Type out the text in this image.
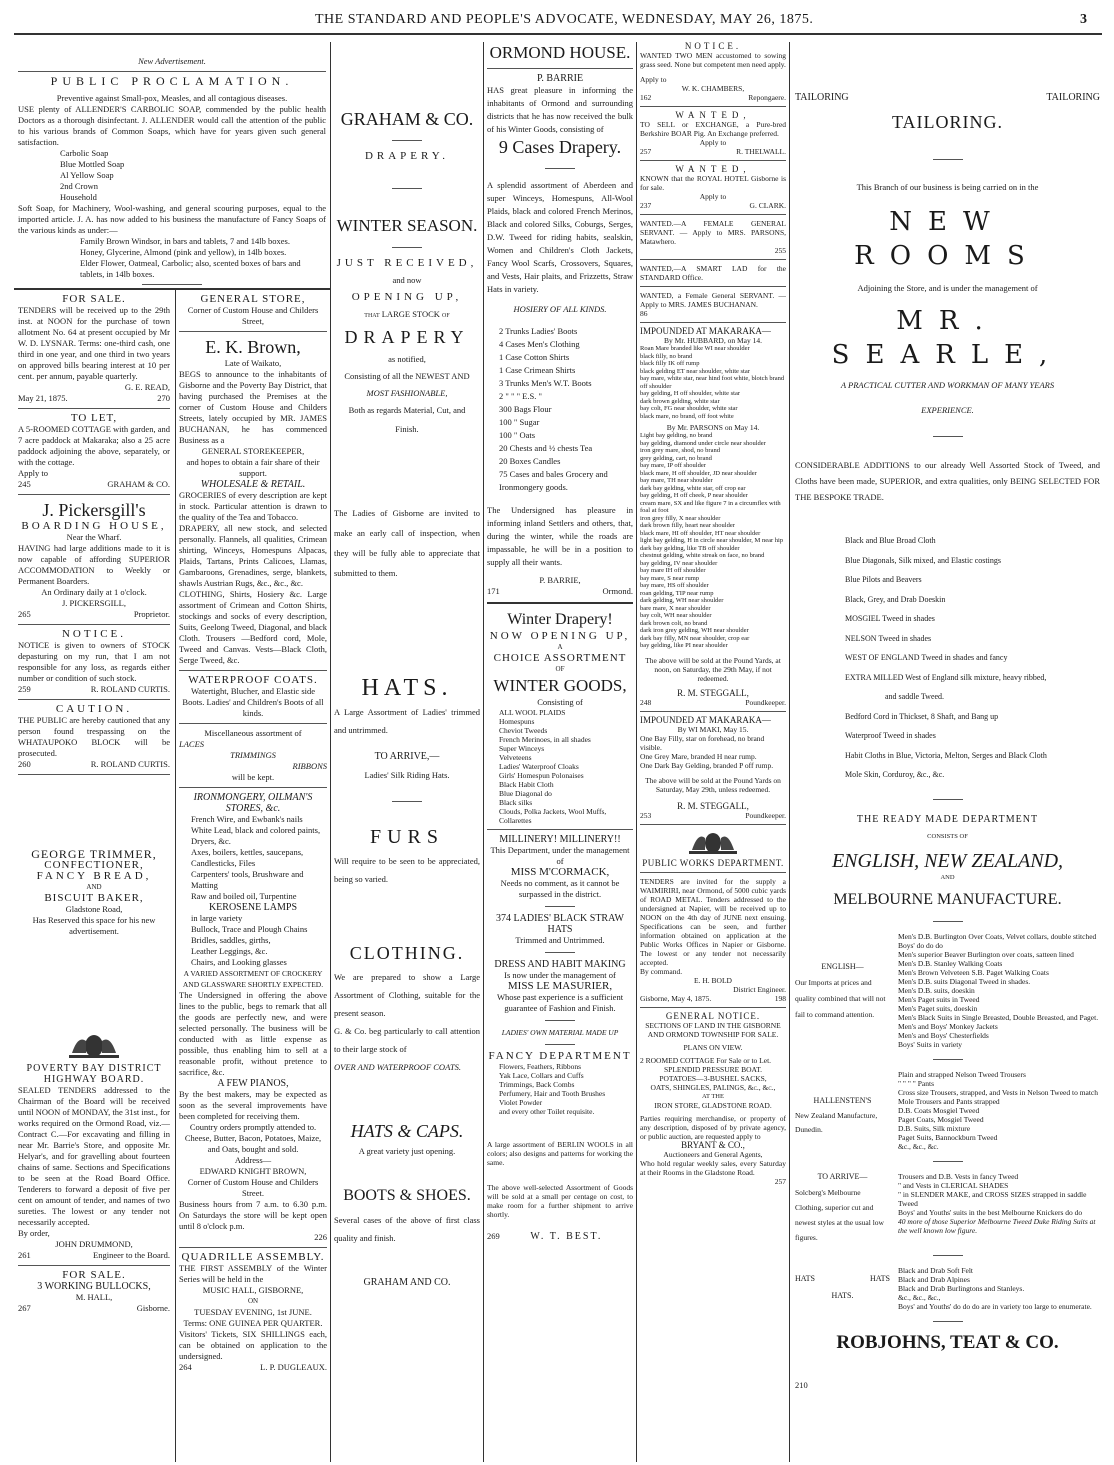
THE STANDARD AND PEOPLE'S ADVOCATE, WEDNESDAY, MAY 26, 1875.	3

New Advertisement.

PUBLIC PROCLAMATION.

Preventive against Small-pox, Measles, and all contagious diseases.

USE plenty of ALLENDER'S CARBOLIC SOAP, commended by the public health Doctors as a thorough disinfectant. J. ALLENDER would call the attention of the public to his various brands of Common Soaps, which have for years given such general satisfaction.

Carbolic Soap

Blue Mottled Soap

Al Yellow Soap

2nd Crown

Household

Soft Soap, for Machinery, Wool-washing, and general scouring purposes, equal to the imported article. J. A. has now added to his business the manufacture of Fancy Soaps of the various kinds as under:—

Family Brown Windsor, in bars and tablets, 7 and 14lb boxes.

Honey, Glycerine, Almond (pink and yellow), in 14lb boxes.

Elder Flower, Oatmeal, Carbolic; also, scented boxes of bars and tablets, in 14lb boxes.

FOR SALE.

TENDERS will be received up to the 29th inst. at NOON for the purchase of town allotment No. 64 at present occupied by Mr W. D. LYSNAR. Terms: one-third cash, one third in one year, and one third in two years on approved bills bearing interest at 10 per cent. per annum, payable quarterly.

G. E. READ,

May 21, 1875.	270

TO LET,

A 5-ROOMED COTTAGE with garden, and 7 acre paddock at Makaraka; also a 25 acre paddock adjoining the above, separately, or with the cottage.

Apply to

245	GRAHAM & CO.

J. Pickersgill's

BOARDING HOUSE,

Near the Wharf.

HAVING had large additions made to it is now capable of affording SUPERIOR ACCOMMODATION to Weekly or Permanent Boarders.

An Ordinary daily at 1 o'clock.

J. PICKERSGILL,

265	Proprietor.

NOTICE.

NOTICE is given to owners of STOCK depasturing on my run, that I am not responsible for any loss, as regards either number or condition of such stock.

259	R. ROLAND CURTIS.

CAUTION.

THE PUBLIC are hereby cautioned that any person found trespassing on the WHATAUPOKO BLOCK will be prosecuted.

260	R. ROLAND CURTIS.

GEORGE TRIMMER,

CONFECTIONER,

FANCY BREAD,

AND

BISCUIT BAKER,

Gladstone Road,

Has Reserved this space for his new advertisement.

POVERTY BAY DISTRICT HIGHWAY BOARD.

SEALED TENDERS addressed to the Chairman of the Board will be received until NOON of MONDAY, the 31st inst., for works required on the Ormond Road, viz.— Contract C.—For excavating and filling in near Mr. Barrie's Store, and opposite Mr. Helyar's, and for gravelling about fourteen chains of same. Sections and Specifications to be seen at the Road Board Office. Tenderers to forward a deposit of five per cent on amount of tender, and names of two sureties. The lowest or any tender not necessarily accepted.

By order,

JOHN DRUMMOND,

261	Engineer to the Board.

FOR SALE.

3 WORKING BULLOCKS,

M. HALL,

267	Gisborne.

GENERAL STORE,

Corner of Custom House and Childers Street,

E. K. Brown,

Late of Waikato,

BEGS to announce to the inhabitants of Gisborne and the Poverty Bay District, that having purchased the Premises at the corner of Custom House and Childers Streets, lately occupied by MR. JAMES BUCHANAN, he has commenced Business as a

GENERAL STOREKEEPER,

and hopes to obtain a fair share of their support.

WHOLESALE & RETAIL.

GROCERIES of every description are kept in stock. Particular attention is drawn to the quality of the Tea and Tobacco.

DRAPERY, all new stock, and selected personally. Flannels, all qualities, Crimean shirting, Winceys, Homespuns Alpacas, Plaids, Tartans, Prints Calicoes, Llamas, Gambaroons, Grenadines, serge, blankets, shawls Austrian Rugs, &c., &c., &c.

CLOTHING, Shirts, Hosiery &c. Large assortment of Crimean and Cotton Shirts, stockings and socks of every description, Suits, Geelong Tweed, Diagonal, and black Cloth. Trousers —Bedford cord, Mole, Tweed and Canvas. Vests—Black Cloth, Serge Tweed, &c.

WATERPROOF COATS.

Watertight, Blucher, and Elastic side Boots. Ladies' and Children's Boots of all kinds.

Miscellaneous assortment of

LACES

TRIMMINGS

RIBBONS

will be kept.

IRONMONGERY, OILMAN'S STORES, &c.

French Wire, and Ewbank's nails

White Lead, black and colored paints, Dryers, &c.

Axes, boilers, kettles, saucepans,

Candlesticks, Files

Carpenters' tools, Brushware and Matting

Raw and boiled oil, Turpentine

KEROSENE LAMPS

in large variety

Bullock, Trace and Plough Chains

Bridles, saddles, girths,

Leather Leggings, &c.

Chairs, and Looking glasses

A VARIED ASSORTMENT OF CROCKERY AND GLASSWARE SHORTLY EXPECTED.

The Undersigned in offering the above lines to the public, begs to remark that all the goods are perfectly new, and were selected personally. The business will be conducted with as little expense as possible, thus enabling him to sell at a reasonable profit, without pretence to sacrifice, &c.

A FEW PIANOS,

By the best makers, may be expected as soon as the several improvements have been completed for receiving them.

Country orders promptly attended to.

Cheese, Butter, Bacon, Potatoes, Maize, and Oats, bought and sold.

Address—

EDWARD KNIGHT BROWN,

Corner of Custom House and Childers Street.

Business hours from 7 a.m. to 6.30 p.m. On Saturdays the store will be kept open until 8 o'clock p.m.

226

QUADRILLE ASSEMBLY.

THE FIRST ASSEMBLY of the Winter Series will be held in the

MUSIC HALL, GISBORNE,

ON

TUESDAY EVENING, 1st JUNE.

Terms: ONE GUINEA PER QUARTER.

Visitors' Tickets, SIX SHILLINGS each, can be obtained on application to the undersigned.

264	L. P. DUGLEAUX.

GRAHAM & CO.

DRAPERY.

WINTER SEASON.

JUST RECEIVED,

and now

OPENING UP,

that LARGE STOCK of

DRAPERY

as notified,

Consisting of all the NEWEST AND

MOST FASHIONABLE,

Both as regards Material, Cut, and

Finish.

The Ladies of Gisborne are invited to make an early call of inspection, when they will be fully able to appreciate that submitted to them.

HATS.

A Large Assortment of Ladies' trimmed and untrimmed.

TO ARRIVE,—

Ladies' Silk Riding Hats.

FURS

Will require to be seen to be appreciated, being so varied.

CLOTHING.

We are prepared to show a Large Assortment of Clothing, suitable for the present season.

G. & Co. beg particularly to call attention to their large stock of

OVER AND WATERPROOF COATS.

HATS & CAPS.

A great variety just opening.

BOOTS & SHOES.

Several cases of the above of first class quality and finish.

GRAHAM AND CO.

ORMOND HOUSE.

P. BARRIE

HAS great pleasure in informing the inhabitants of Ormond and surrounding districts that he has now received the bulk of his Winter Goods, consisting of

9 Cases Drapery.

A splendid assortment of Aberdeen and super Winceys, Homespuns, All-Wool Plaids, black and colored French Merinos, Black and colored Silks, Coburgs, Serges, D.W. Tweed for riding habits, sealskin, Women and Children's Cloth Jackets, Fancy Wool Scarfs, Crossovers, Squares, and Vests, Hair plaits, and Frizzetts, Straw Hats in variety.

HOSIERY OF ALL KINDS.

2 Trunks Ladies' Boots

4 Cases Men's Clothing

1 Case Cotton Shirts

1 Case Crimean Shirts

3 Trunks Men's W.T. Boots

2 " " " E.S. "

300 Bags Flour

100 " Sugar

100 " Oats

20 Chests and ½ chests Tea

20 Boxes Candles

75 Cases and bales Grocery and Ironmongery goods.

The Undersigned has pleasure in informing inland Settlers and others, that, during the winter, while the roads are impassable, he will be in a position to supply all their wants.

P. BARRIE,

171	Ormond.

Winter Drapery!

NOW OPENING UP,

A

CHOICE ASSORTMENT

OF

WINTER GOODS,

Consisting of

ALL WOOL PLAIDS

Homespuns

Cheviot Tweeds

French Merinoes, in all shades

Super Winceys

Velveteens

Ladies' Waterproof Cloaks

Girls' Homespun Polonaises

Black Habit Cloth

Blue Diagonal do

Black silks

Clouds, Polka Jackets, Wool Muffs, Collarettes

MILLINERY! MILLINERY!!

This Department, under the management of

MISS M'CORMACK,

Needs no comment, as it cannot be surpassed in the district.

374 LADIES' BLACK STRAW HATS

Trimmed and Untrimmed.

DRESS AND HABIT MAKING

Is now under the management of

MISS LE MASURIER,

Whose past experience is a sufficient guarantee of Fashion and Finish.

LADIES' OWN MATERIAL MADE UP

FANCY DEPARTMENT

Flowers, Feathers, Ribbons

Yak Lace, Collars and Cuffs

Trimmings, Back Combs

Perfumery, Hair and Tooth Brushes

Violet Powder

and every other Toilet requisite.

A large assortment of BERLIN WOOLS in all colors; also designs and patterns for working the same.

The above well-selected Assortment of Goods will be sold at a small per centage on cost, to make room for a further shipment to arrive shortly.

269	W. T. BEST.

NOTICE.

WANTED TWO MEN accustomed to sowing grass seed. None but competent men need apply.

Apply to

W. K. CHAMBERS,

162	Repongaere.

WANTED,

TO SELL or EXCHANGE, a Pure-bred Berkshire BOAR Pig. An Exchange preferred.

Apply to

257	R. THELWALL.

WANTED,

KNOWN that the ROYAL HOTEL Gisborne is for sale.

Apply to

237	G. CLARK.

WANTED.—A FEMALE GENERAL SERVANT. — Apply to MRS. PARSONS, Matawhero.

255

WANTED,—A SMART LAD for the STANDARD Office.

WANTED, a Female General SERVANT. —Apply to MRS. JAMES BUCHANAN.

86

IMPOUNDED AT MAKARAKA—

By Mr. HUBBARD, on May 14.

Roan Mare branded like WI near shoulder

black filly, no brand

black filly IK off rump

black gelding ET near shoulder, white star

bay mare, white star, near hind foot white, blotch brand off shoulder

bay gelding, H off shoulder, white star

dark brown gelding, white star

bay colt, FG near shoulder, white star

black mare, no brand, off foot white

By Mr. PARSONS on May 14.

Light bay gelding, no brand

bay gelding, diamond under circle near shoulder

iron grey mare, shod, no brand

grey gelding, cart, no brand

bay mare, IP off shoulder

black mare, H off shoulder, JD near shoulder

bay mare, TH near shoulder

dark bay gelding, white star, off crop ear

bay gelding, H off cheek, P near shoulder

cream mare, SX and like figure 7 in a circumflex with foal at foot

iron grey filly, X near shoulder

dark brown filly, heart near shoulder

black mare, HI off shoulder, HT near shoulder

light bay gelding, H in circle near shoulder, M near hip

dark bay gelding, like TB off shoulder

chestnut gelding, white streak on face, no brand

bay gelding, IV near shoulder

bay mare IH off shoulder

bay mare, S near rump

bay mare, HS off shoulder

roan gelding, TIP near rump

dark gelding, WH near shoulder

bare mare, X near shoulder

bay colt, WH near shoulder

dark brown colt, no brand

dark iron grey gelding, WH near shoulder

dark bay filly, MN near shoulder, crop ear

bay gelding, like PI near shoulder

The above will be sold at the Pound Yards, at noon, on Saturday, the 29th May, if not redeemed.

R. M. STEGGALL,

248	Poundkeeper.

IMPOUNDED AT MAKARAKA—

By WI MAKI, May 15.

One Bay Filly, star on forehead, no brand visible.

One Grey Mare, branded H near rump.

One Dark Bay Gelding, branded P off rump.

The above will be sold at the Pound Yards on Saturday, May 29th, unless redeemed.

R. M. STEGGALL,

253	Poundkeeper.

PUBLIC WORKS DEPARTMENT.

TENDERS are invited for the supply a WAIMIRIRI, near Ormond, of 5000 cubic yards of ROAD METAL. Tenders addressed to the undersigned at Napier, will be received up to NOON on the 4th day of JUNE next ensuing. Specifications can be seen, and further information obtained on application at the Public Works Offices in Napier or Gisborne. The lowest or any tender not necessarily accepted.

By command.

E. H. BOLD

District Engineer.

Gisborne, May 4, 1875.	198

GENERAL NOTICE.

SECTIONS OF LAND IN THE GISBORNE AND ORMOND TOWNSHIP FOR SALE.

PLANS ON VIEW.

2 ROOMED COTTAGE For Sale or to Let.

SPLENDID PRESSURE BOAT.

POTATOES—3-BUSHEL SACKS,

OATS, SHINGLES, PALINGS, &c., &c.,

AT THE

IRON STORE, GLADSTONE ROAD.

Parties requiring merchandise, or property of any description, disposed of by private agency, or public auction, are requested apply to

BRYANT & CO.,

Auctioneers and General Agents,

Who hold regular weekly sales, every Saturday at their Rooms in the Gladstone Road.

257

TAILORING	TAILORING

TAILORING.

This Branch of our business is being carried on in the

NEW ROOMS

Adjoining the Store, and is under the management of

MR. SEARLE,

A PRACTICAL CUTTER AND WORKMAN OF MANY YEARS

EXPERIENCE.

CONSIDERABLE ADDITIONS to our already Well Assorted Stock of Tweed, and Cloths have been made, SUPERIOR, and extra qualities, only BEING SELECTED FOR THE BESPOKE TRADE.

Black and Blue Broad Cloth

Blue Diagonals, Silk mixed, and Elastic costings

Blue Pilots and Beavers

Black, Grey, and Drab Doeskin

MOSGIEL Tweed in shades

NELSON Tweed in shades

WEST OF ENGLAND Tweed in shades and fancy

EXTRA MILLED West of England silk mixture, heavy ribbed,

and saddle Tweed.

Bedford Cord in Thickset, 8 Shaft, and Bang up

Waterproof Tweed in shades

Habit Cloths in Blue, Victoria, Melton, Serges and Black Cloth

Mole Skin, Corduroy, &c., &c.

THE READY MADE DEPARTMENT

CONSISTS OF

ENGLISH, NEW ZEALAND,

AND

MELBOURNE MANUFACTURE.

ENGLISH—

Our Imports at prices and quality combined that will not fail to command attention.

Men's D.B. Burlington Over Coats, Velvet collars, double stitched

Boys' do do do

Men's superior Beaver Burlington over coats, satteen lined

Men's D.B. Stanley Walking Coats

Men's Brown Velveteen S.B. Paget Walking Coats

Men's D.B. suits Diagonal Tweed in shades.

Men's D.B. suits, doeskin

Men's Paget suits in Tweed

Men's Paget suits, doeskin

Men's Black Suits in Single Breasted, Double Breasted, and Paget.

Men's and Boys' Monkey Jackets

Men's and Boys' Chesterfields

Boys' Suits in variety

HALLENSTEN'S

New Zealand Manufacture, Dunedin.

Plain and strapped Nelson Tweed Trousers

" " " " Pants

Cross size Trousers, strapped, and Vests in Nelson Tweed to match

Mole Trousers and Pants strapped

D.B. Coats Mosgiel Tweed

Paget Coats, Mosgiel Tweed

D.B. Suits, Silk mixture

Paget Suits, Bannockburn Tweed

&c., &c., &c.

TO ARRIVE—

Solcberg's Melbourne Clothing, superior cut and newest styles at the usual low figures.

Trousers and D.B. Vests in fancy Tweed

" and Vests in CLERICAL SHADES

" in SLENDER MAKE, and CROSS SIZES strapped in saddle Tweed

Boys' and Youths' suits in the best Melbourne Knickers do do

40 more of those Superior Melbourne Tweed Duke Riding Suits at the well known low figure.

HATS	HATS

HATS.

Black and Drab Soft Felt

Black and Drab Alpines

Black and Drab Burlingtons and Stanleys.

&c., &c., &c.,

Boys' and Youths' do do do are in variety too large to enumerate.

ROBJOHNS, TEAT & CO.

210
